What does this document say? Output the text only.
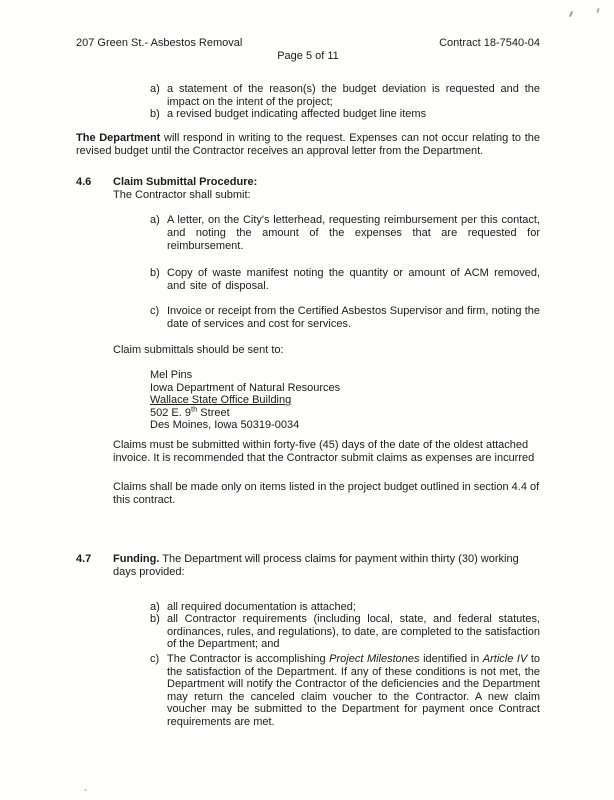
207 Green St.- Asbestos Removal	Contract 18-7540-04
Page 5 of 11
a) a statement of the reason(s) the budget deviation is requested and the impact on the intent of the project;
b) a revised budget indicating affected budget line items

The Department will respond in writing to the request. Expenses can not occur relating to the revised budget until the Contractor receives an approval letter from the Department.

4.6	Claim Submittal Procedure:
The Contractor shall submit:
a) A letter, on the City's letterhead, requesting reimbursement per this contact, and noting the amount of the expenses that are requested for reimbursement.
b) Copy of waste manifest noting the quantity or amount of ACM removed, and site of disposal.
c) Invoice or receipt from the Certified Asbestos Supervisor and firm, noting the date of services and cost for services.

Claim submittals should be sent to:

Mel Pins
Iowa Department of Natural Resources
Wallace State Office Building
502 E. 9th Street
Des Moines, Iowa 50319-0034

Claims must be submitted within forty-five (45) days of the date of the oldest attached invoice. It is recommended that the Contractor submit claims as expenses are incurred

Claims shall be made only on items listed in the project budget outlined in section 4.4 of this contract.

4.7	Funding. The Department will process claims for payment within thirty (30) working days provided:
a) all required documentation is attached;
b) all Contractor requirements (including local, state, and federal statutes, ordinances, rules, and regulations), to date, are completed to the satisfaction of the Department; and
c) The Contractor is accomplishing Project Milestones identified in Article IV to the satisfaction of the Department. If any of these conditions is not met, the Department will notify the Contractor of the deficiencies and the Department may return the canceled claim voucher to the Contractor. A new claim voucher may be submitted to the Department for payment once Contract requirements are met.
